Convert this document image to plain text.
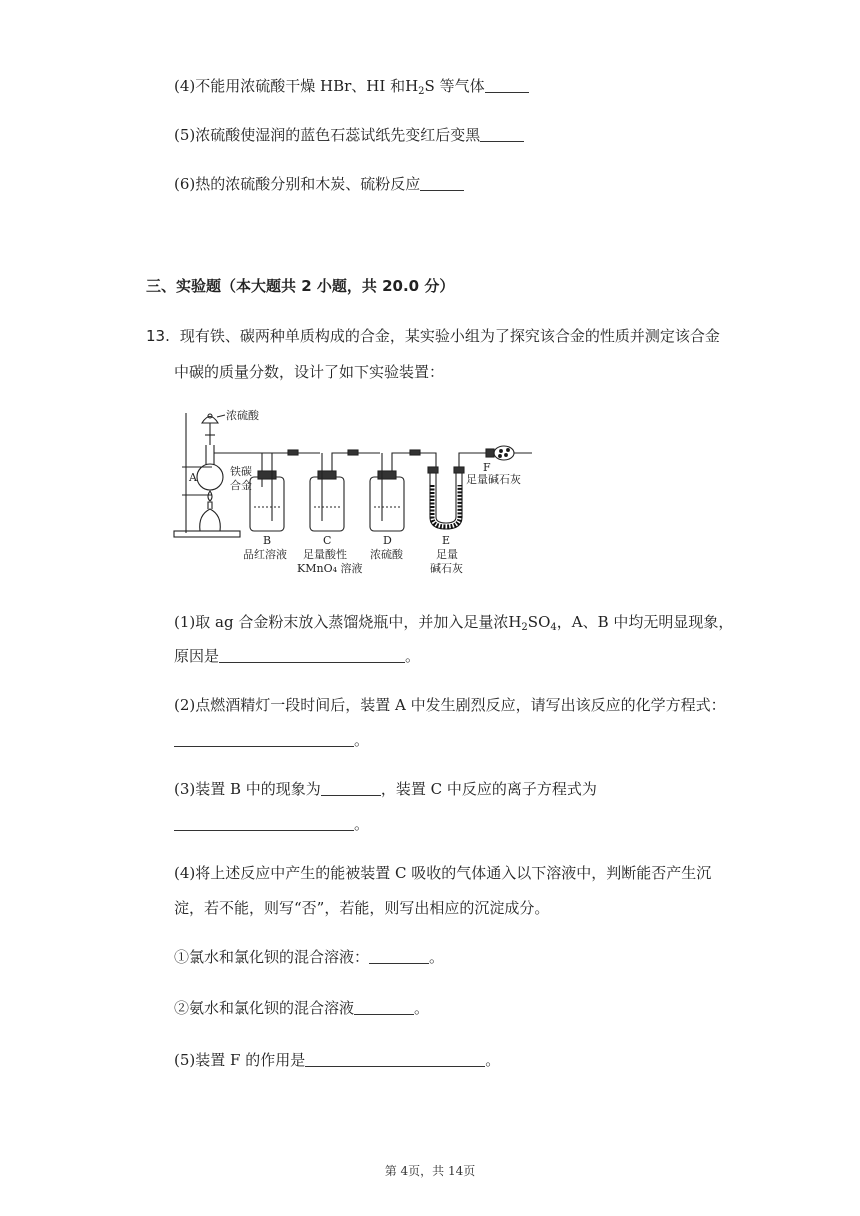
(4)不能用浓硫酸干燥 HBr、HI 和$H_2S$ 等气体
(5)浓硫酸使湿润的蓝色石蕊试纸先变红后变黑
(6)热的浓硫酸分别和木炭、硫粉反应
三、实验题（本大题共 2 小题，共 20.0 分）
13. 现有铁、碳两种单质构成的合金，某实验小组为了探究该合金的性质并测定该合金
中碳的质量分数，设计了如下实验装置：
浓硫酸
铁碳
合金
A
B
品红溶液
C
足量酸性
KMnO₄ 溶液
D
浓硫酸
E
足量
碱石灰
F
足量碱石灰
(1)取 ag 合金粉末放入蒸馏烧瓶中，并加入足量浓$H_2SO_4$，A、B 中均无明显现象，
原因是	。
(2)点燃酒精灯一段时间后，装置 A 中发生剧烈反应，请写出该反应的化学方程式：
。
(3)装置 B 中的现象为	，装置 C 中反应的离子方程式为
。
(4)将上述反应中产生的能被装置 C 吸收的气体通入以下溶液中，判断能否产生沉
淀，若不能，则写“否”，若能，则写出相应的沉淀成分。
①氯水和氯化钡的混合溶液：	。
②氨水和氯化钡的混合溶液	。
(5)装置 F 的作用是	。
第 4页，共 14页
